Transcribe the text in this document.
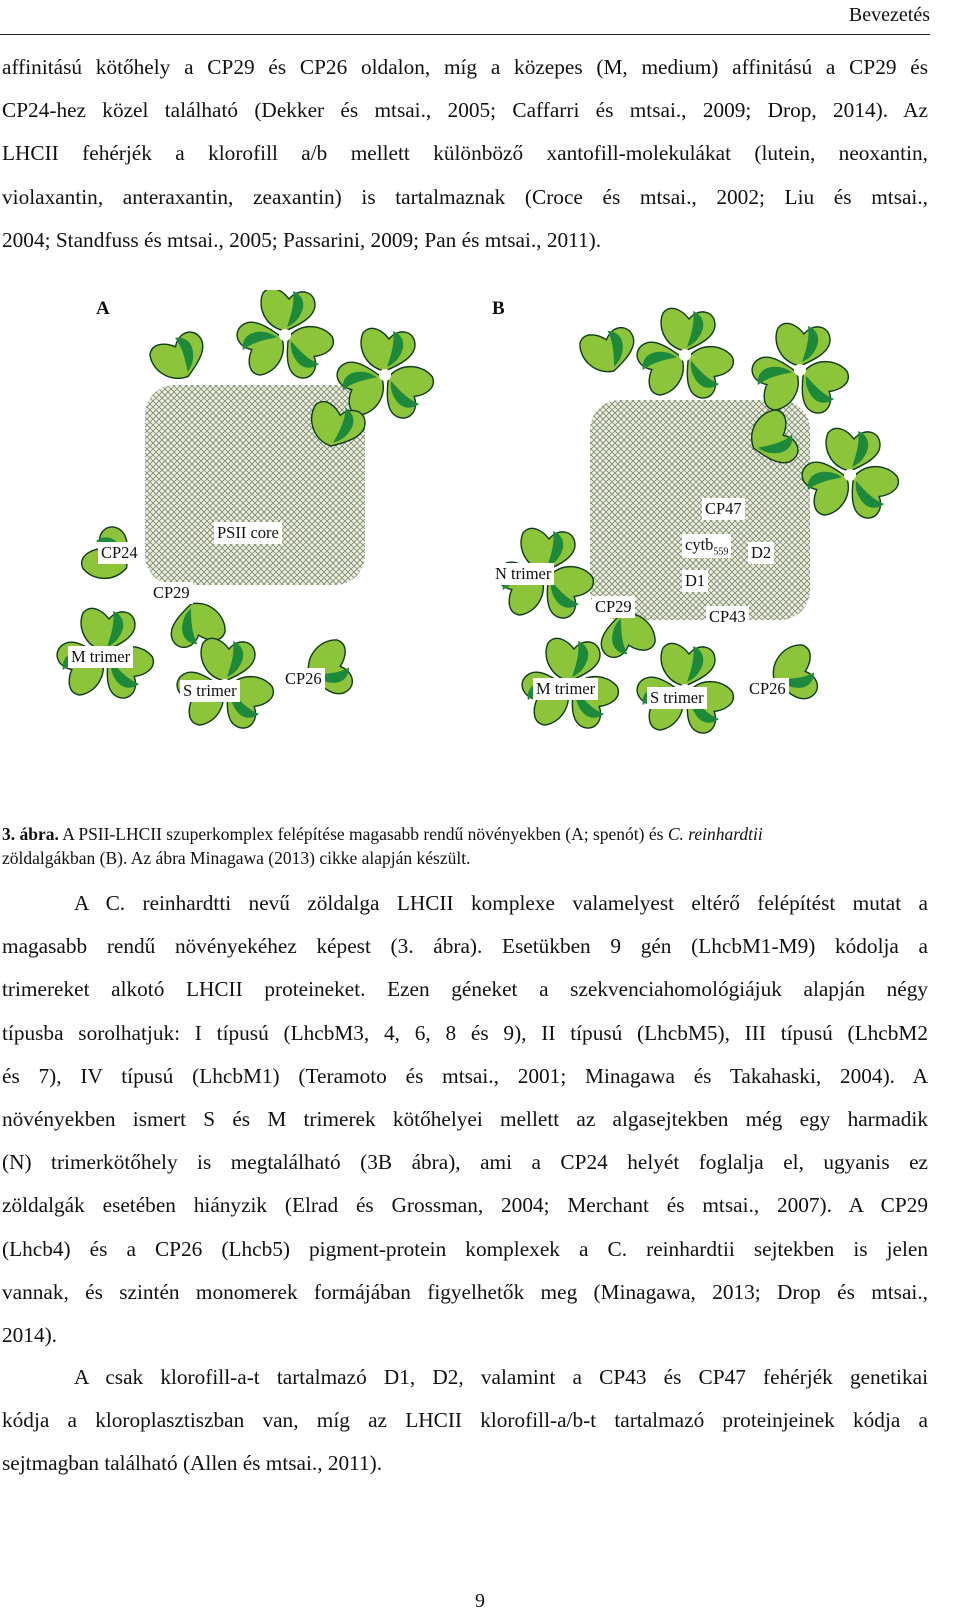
Bevezetés
affinitású kötőhely a CP29 és CP26 oldalon, míg a közepes (M, medium) affinitású a CP29 és
CP24-hez közel található (Dekker és mtsai., 2005; Caffarri és mtsai., 2009; Drop, 2014). Az
LHCII fehérjék a klorofill a/b mellett különböző xantofill-molekulákat (lutein, neoxantin,
violaxantin, anteraxantin, zeaxantin) is tartalmaznak (Croce és mtsai., 2002; Liu és mtsai.,
2004; Standfuss és mtsai., 2005; Passarini, 2009; Pan és mtsai., 2011).
A	B
PSII core
CP24
CP29
M trimer
S trimer
CP26
CP47
cytb$_{559}$ D2
N trimer	D1
CP29
CP43
M trimer	S trimer	CP26
3. ábra. A PSII-LHCII szuperkomplex felépítése magasabb rendű növényekben (A; spenót) és C. reinhardtii
zöldalgákban (B). Az ábra Minagawa (2013) cikke alapján készült.
A C. reinhardtti nevű zöldalga LHCII komplexe valamelyest eltérő felépítést mutat a
magasabb rendű növényekéhez képest (3. ábra). Esetükben 9 gén (LhcbM1-M9) kódolja a
trimereket alkotó LHCII proteineket. Ezen géneket a szekvenciahomológiájuk alapján négy
típusba sorolhatjuk: I típusú (LhcbM3, 4, 6, 8 és 9), II típusú (LhcbM5), III típusú (LhcbM2
és 7), IV típusú (LhcbM1) (Teramoto és mtsai., 2001; Minagawa és Takahaski, 2004). A
növényekben ismert S és M trimerek kötőhelyei mellett az algasejtekben még egy harmadik
(N) trimerkötőhely is megtalálható (3B ábra), ami a CP24 helyét foglalja el, ugyanis ez
zöldalgák esetében hiányzik (Elrad és Grossman, 2004; Merchant és mtsai., 2007). A CP29
(Lhcb4) és a CP26 (Lhcb5) pigment-protein komplexek a C. reinhardtii sejtekben is jelen
vannak, és szintén monomerek formájában figyelhetők meg (Minagawa, 2013; Drop és mtsai.,
2014).
A csak klorofill-a-t tartalmazó D1, D2, valamint a CP43 és CP47 fehérjék genetikai
kódja a kloroplasztiszban van, míg az LHCII klorofill-a/b-t tartalmazó proteinjeinek kódja a
sejtmagban található (Allen és mtsai., 2011).
9
